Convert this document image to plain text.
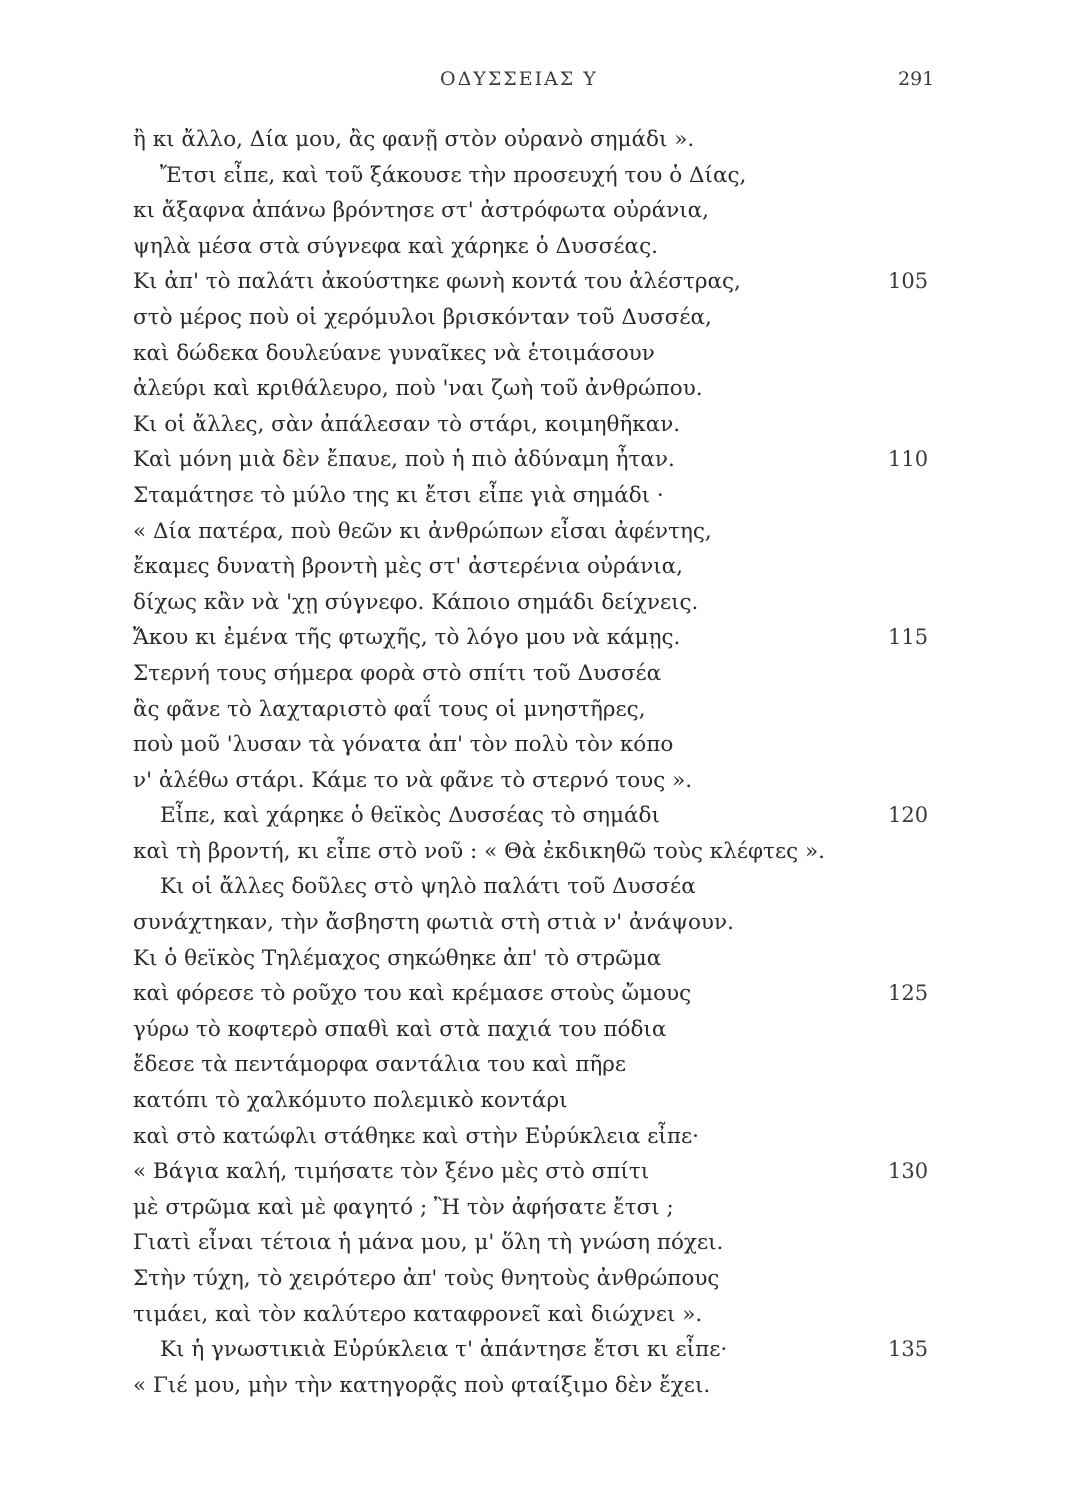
ΟΔΥΣΣΕΙΑΣ Υ	291
ἢ κι ἄλλο, Δία μου, ἂς φανῇ στὸν οὐρανὸ σημάδι ».
Ἔτσι εἶπε, καὶ τοῦ ξάκουσε τὴν προσευχή του ὁ Δίας,
κι ἄξαφνα ἀπάνω βρόντησε στ' ἀστρόφωτα οὐράνια,
ψηλὰ μέσα στὰ σύγνεφα καὶ χάρηκε ὁ Δυσσέας.
Κι ἀπ' τὸ παλάτι ἀκούστηκε φωνὴ κοντά του ἀλέστρας,	105
στὸ μέρος ποὺ οἱ χερόμυλοι βρισκόνταν τοῦ Δυσσέα,
καὶ δώδεκα δουλεύανε γυναῖκες νὰ ἑτοιμάσουν
ἀλεύρι καὶ κριθάλευρο, ποὺ 'ναι ζωὴ τοῦ ἀνθρώπου.
Κι οἱ ἄλλες, σὰν ἀπάλεσαν τὸ στάρι, κοιμηθῆκαν.
Καὶ μόνη μιὰ δὲν ἔπαυε, ποὺ ἡ πιὸ ἀδύναμη ἦταν.	110
Σταμάτησε τὸ μύλο της κι ἔτσι εἶπε γιὰ σημάδι ·
« Δία πατέρα, ποὺ θεῶν κι ἀνθρώπων εἶσαι ἀφέντης,
ἔκαμες δυνατὴ βροντὴ μὲς στ' ἀστερένια οὐράνια,
δίχως κἂν νὰ 'χῃ σύγνεφο. Κάποιο σημάδι δείχνεις.
Ἄκου κι ἐμένα τῆς φτωχῆς, τὸ λόγο μου νὰ κάμῃς.	115
Στερνή τους σήμερα φορὰ στὸ σπίτι τοῦ Δυσσέα
ἂς φᾶνε τὸ λαχταριστὸ φαΐ τους οἱ μνηστῆρες,
ποὺ μοῦ 'λυσαν τὰ γόνατα ἀπ' τὸν πολὺ τὸν κόπο
ν' ἀλέθω στάρι. Κάμε το νὰ φᾶνε τὸ στερνό τους ».
Εἶπε, καὶ χάρηκε ὁ θεϊκὸς Δυσσέας τὸ σημάδι	120
καὶ τὴ βροντή, κι εἶπε στὸ νοῦ : « Θὰ ἐκδικηθῶ τοὺς κλέφτες ».
Κι οἱ ἄλλες δοῦλες στὸ ψηλὸ παλάτι τοῦ Δυσσέα
συνάχτηκαν, τὴν ἄσβηστη φωτιὰ στὴ στιὰ ν' ἀνάψουν.
Κι ὁ θεϊκὸς Τηλέμαχος σηκώθηκε ἀπ' τὸ στρῶμα
καὶ φόρεσε τὸ ροῦχο του καὶ κρέμασε στοὺς ὤμους	125
γύρω τὸ κοφτερὸ σπαθὶ καὶ στὰ παχιά του πόδια
ἔδεσε τὰ πεντάμορφα σαντάλια του καὶ πῆρε
κατόπι τὸ χαλκόμυτο πολεμικὸ κοντάρι
καὶ στὸ κατώφλι στάθηκε καὶ στὴν Εὐρύκλεια εἶπε·
« Βάγια καλή, τιμήσατε τὸν ξένο μὲς στὸ σπίτι	130
μὲ στρῶμα καὶ μὲ φαγητό ; Ἢ τὸν ἀφήσατε ἔτσι ;
Γιατὶ εἶναι τέτοια ἡ μάνα μου, μ' ὅλη τὴ γνώση πόχει.
Στὴν τύχη, τὸ χειρότερο ἀπ' τοὺς θνητοὺς ἀνθρώπους
τιμάει, καὶ τὸν καλύτερο καταφρονεῖ καὶ διώχνει ».
Κι ἡ γνωστικιὰ Εὐρύκλεια τ' ἀπάντησε ἔτσι κι εἶπε·	135
« Γιέ μου, μὴν τὴν κατηγορᾷς ποὺ φταίξιμο δὲν ἔχει.
